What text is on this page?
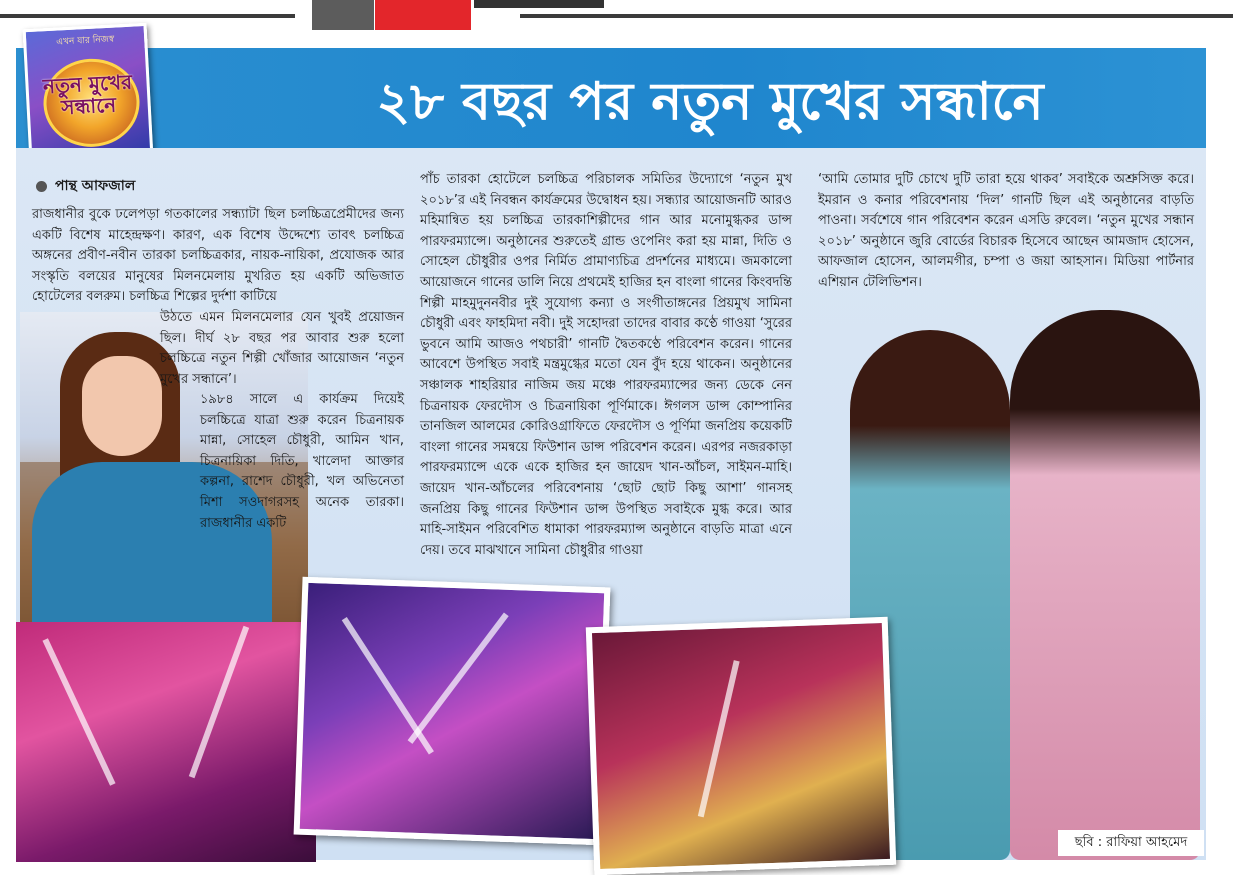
২৮ বছর পর নতুন মুখের সন্ধানে
এখন যার নিজস্ব
নতুন মুখের সন্ধানে
পান্থ আফজাল
রাজধানীর বুকে ঢলেপড়া গতকালের সন্ধ্যাটা ছিল চলচ্চিত্রপ্রেমীদের জন্য একটি বিশেষ মাহেন্দ্রক্ষণ। কারণ, এক বিশেষ উদ্দেশ্যে তাবৎ চলচ্চিত্র অঙ্গনের প্রবীণ-নবীন তারকা চলচ্চিত্রকার, নায়ক-নায়িকা, প্রযোজক আর সংস্কৃতি বলয়ের মানুষের মিলনমেলায় মুখরিত হয় একটি অভিজাত হোটেলের বলরুম। চলচ্চিত্র শিল্পের দুর্দশা কাটিয়ে
উঠতে এমন মিলনমেলার যেন খুবই প্রয়োজন ছিল। দীর্ঘ ২৮ বছর পর আবার শুরু হলো চলচ্চিত্রে নতুন শিল্পী খোঁজার আয়োজন ‘নতুন মুখের সন্ধানে’।
১৯৮৪ সালে এ কার্যক্রম দিয়েই চলচ্চিত্রে যাত্রা শুরু করেন চিত্রনায়ক মান্না, সোহেল চৌধুরী, আমিন খান, চিত্রনায়িকা দিতি, খালেদা আক্তার কল্পনা, রাশেদ চৌধুরী, খল অভিনেতা মিশা সওদাগরসহ অনেক তারকা। রাজধানীর একটি
পাঁচ তারকা হোটেলে চলচ্চিত্র পরিচালক সমিতির উদ্যোগে ‘নতুন মুখ ২০১৮’র এই নিবন্ধন কার্যক্রমের উদ্বোধন হয়। সন্ধ্যার আয়োজনটি আরও মহিমান্বিত হয় চলচ্চিত্র তারকাশিল্পীদের গান আর মনোমুগ্ধকর ডান্স পারফরম্যান্সে। অনুষ্ঠানের শুরুতেই গ্রান্ড ওপেনিং করা হয় মান্না, দিতি ও সোহেল চৌধুরীর ওপর নির্মিত প্রামাণ্যচিত্র প্রদর্শনের মাধ্যমে। জমকালো আয়োজনে গানের ডালি নিয়ে প্রথমেই হাজির হন বাংলা গানের কিংবদন্তি শিল্পী মাহমুদুননবীর দুই সুযোগ্য কন্যা ও সংগীতাঙ্গনের প্রিয়মুখ সামিনা চৌধুরী এবং ফাহমিদা নবী। দুই সহোদরা তাদের বাবার কণ্ঠে গাওয়া ‘সুরের ভুবনে আমি আজও পথচারী’ গানটি দ্বৈতকণ্ঠে পরিবেশন করেন। গানের আবেশে উপস্থিত সবাই মন্ত্রমুগ্ধের মতো যেন বুঁদ হয়ে থাকেন। অনুষ্ঠানের সঞ্চালক শাহরিয়ার নাজিম জয় মঞ্চে পারফরম্যান্সের জন্য ডেকে নেন চিত্রনায়ক ফেরদৌস ও চিত্রনায়িকা পূর্ণিমাকে। ঈগলস ডান্স কোম্পানির তানজিল আলমের কোরিওগ্রাফিতে ফেরদৌস ও পূর্ণিমা জনপ্রিয় কয়েকটি বাংলা গানের সমন্বয়ে ফিউশান ডান্স পরিবেশন করেন। এরপর নজরকাড়া পারফরম্যান্সে একে একে হাজির হন জায়েদ খান-আঁচল, সাইমন-মাহি। জায়েদ খান-আঁচলের পরিবেশনায় ‘ছোট ছোট কিছু আশা’ গানসহ জনপ্রিয় কিছু গানের ফিউশান ডান্স উপস্থিত সবাইকে মুগ্ধ করে। আর মাহি-সাইমন পরিবেশিত ধামাকা পারফরম্যান্স অনুষ্ঠানে বাড়তি মাত্রা এনে দেয়। তবে মাঝখানে সামিনা চৌধুরীর গাওয়া
‘আমি তোমার দুটি চোখে দুটি তারা হয়ে থাকব’ সবাইকে অশ্রুসিক্ত করে। ইমরান ও কনার পরিবেশনায় ‘দিল’ গানটি ছিল এই অনুষ্ঠানের বাড়তি পাওনা। সর্বশেষে গান পরিবেশন করেন এসডি রুবেল। ‘নতুন মুখের সন্ধান ২০১৮’ অনুষ্ঠানে জুরি বোর্ডের বিচারক হিসেবে আছেন আমজাদ হোসেন, আফজাল হোসেন, আলমগীর, চম্পা ও জয়া আহসান। মিডিয়া পার্টনার এশিয়ান টেলিভিশন।
ছবি : রাফিয়া আহমেদ
